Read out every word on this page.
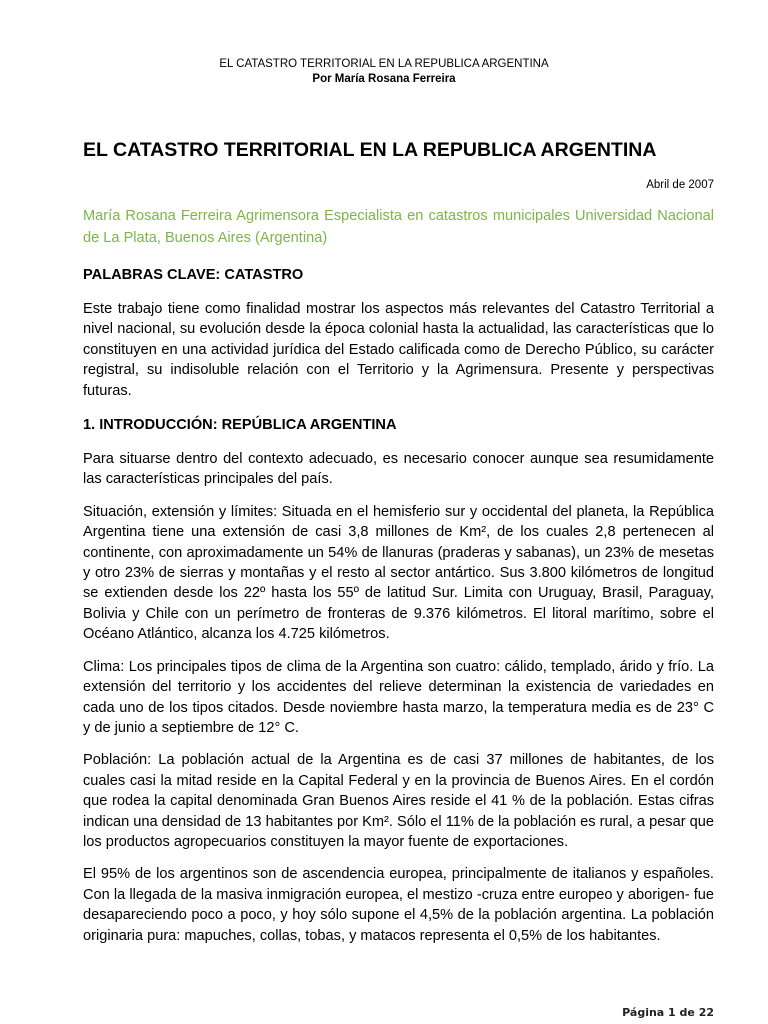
EL CATASTRO TERRITORIAL EN LA REPUBLICA ARGENTINA
Por María Rosana Ferreira
EL CATASTRO TERRITORIAL EN LA REPUBLICA ARGENTINA
Abril de 2007
María Rosana Ferreira Agrimensora Especialista en catastros municipales Universidad Nacional de La Plata, Buenos Aires (Argentina)
PALABRAS CLAVE: CATASTRO

Este trabajo tiene como finalidad mostrar los aspectos más relevantes del Catastro Territorial a nivel nacional, su evolución desde la época colonial hasta la actualidad, las características que lo constituyen en una actividad jurídica del Estado calificada como de Derecho Público, su carácter registral, su indisoluble relación con el Territorio y la Agrimensura. Presente y perspectivas futuras.

1. INTRODUCCIÓN: REPÚBLICA ARGENTINA

Para situarse dentro del contexto adecuado, es necesario conocer aunque sea resumidamente las características principales del país.

Situación, extensión y límites: Situada en el hemisferio sur y occidental del planeta, la República Argentina tiene una extensión de casi 3,8 millones de Km², de los cuales 2,8 pertenecen al continente, con aproximadamente un 54% de llanuras (praderas y sabanas), un 23% de mesetas y otro 23% de sierras y montañas y el resto al sector antártico. Sus 3.800 kilómetros de longitud se extienden desde los 22º hasta los 55º de latitud Sur. Limita con Uruguay, Brasil, Paraguay, Bolivia y Chile con un perímetro de fronteras de 9.376 kilómetros. El litoral marítimo, sobre el Océano Atlántico, alcanza los 4.725 kilómetros.

Clima: Los principales tipos de clima de la Argentina son cuatro: cálido, templado, árido y frío. La extensión del territorio y los accidentes del relieve determinan la existencia de variedades en cada uno de los tipos citados. Desde noviembre hasta marzo, la temperatura media es de 23° C y de junio a septiembre de 12° C.

Población: La población actual de la Argentina es de casi 37 millones de habitantes, de los cuales casi la mitad reside en la Capital Federal y en la provincia de Buenos Aires. En el cordón que rodea la capital denominada Gran Buenos Aires reside el 41 % de la población. Estas cifras indican una densidad de 13 habitantes por Km². Sólo el 11% de la población es rural, a pesar que los productos agropecuarios constituyen la mayor fuente de exportaciones.

El 95% de los argentinos son de ascendencia europea, principalmente de italianos y españoles. Con la llegada de la masiva inmigración europea, el mestizo -cruza entre europeo y aborigen- fue desapareciendo poco a poco, y hoy sólo supone el 4,5% de la población argentina. La población originaria pura: mapuches, collas, tobas, y matacos representa el 0,5% de los habitantes.

Página 1 de 22
